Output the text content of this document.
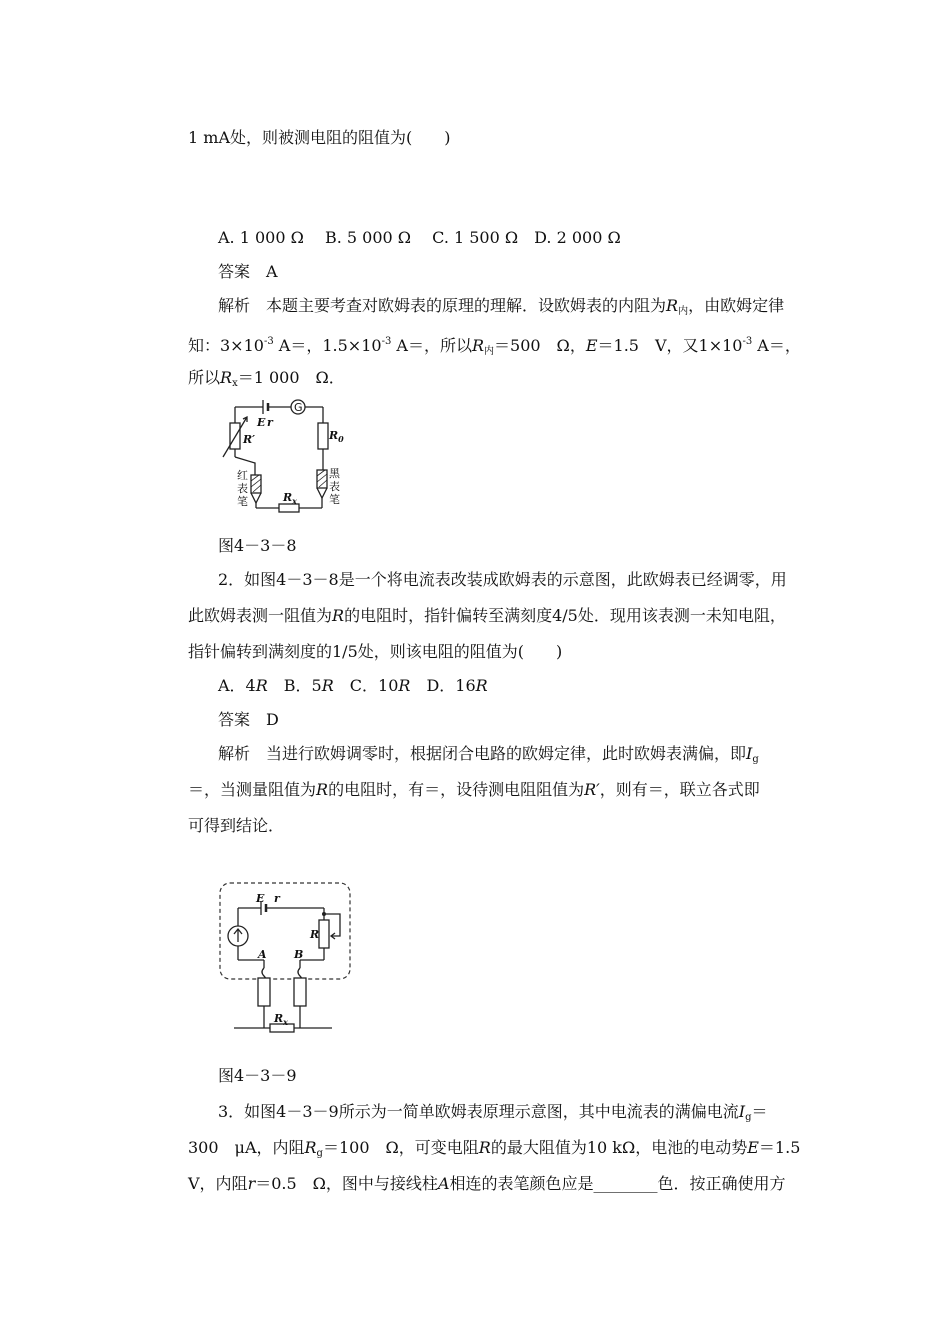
1 mA处，则被测电阻的阻值为(　　)
A. 1 000 Ω　 B. 5 000 Ω　 C. 1 500 Ω　D. 2 000 Ω
答案　A
解析　本题主要考查对欧姆表的原理的理解．设欧姆表的内阻为$R_内$，由欧姆定律
知：$3\times 10^{-3}$ A＝，$1.5\times 10^{-3}$ A＝，所以$R_内=500$　Ω，E＝1.5　V，又$1\times 10^{-3}$ A＝，
所以$R_x=1$ 000　Ω．
E r
G
R′	$R_0$
$R_x$
红
表
笔
黑
表
笔
图4－3－8
2．如图4－3－8是一个将电流表改装成欧姆表的示意图，此欧姆表已经调零，用
此欧姆表测一阻值为R的电阻时，指针偏转至满刻度4/5处．现用该表测一未知电阻，
指针偏转到满刻度的1/5处，则该电阻的阻值为(　　)
A．4R　B．5R　C．10R　D．16R
答案　D
解析　当进行欧姆调零时，根据闭合电路的欧姆定律，此时欧姆表满偏，即$I_g$
＝，当测量阻值为R的电阻时，有＝，设待测电阻阻值为R′，则有＝，联立各式即
可得到结论．
E r
R
A B
$R_x$
图4－3－9
3．如图4－3－9所示为一简单欧姆表原理示意图，其中电流表的满偏电流$I_g=$
300　μA，内阻$R_g=100$　Ω，可变电阻R的最大阻值为10 kΩ，电池的电动势E＝1.5
V，内阻r＝0.5　Ω，图中与接线柱A相连的表笔颜色应是________色．按正确使用方
